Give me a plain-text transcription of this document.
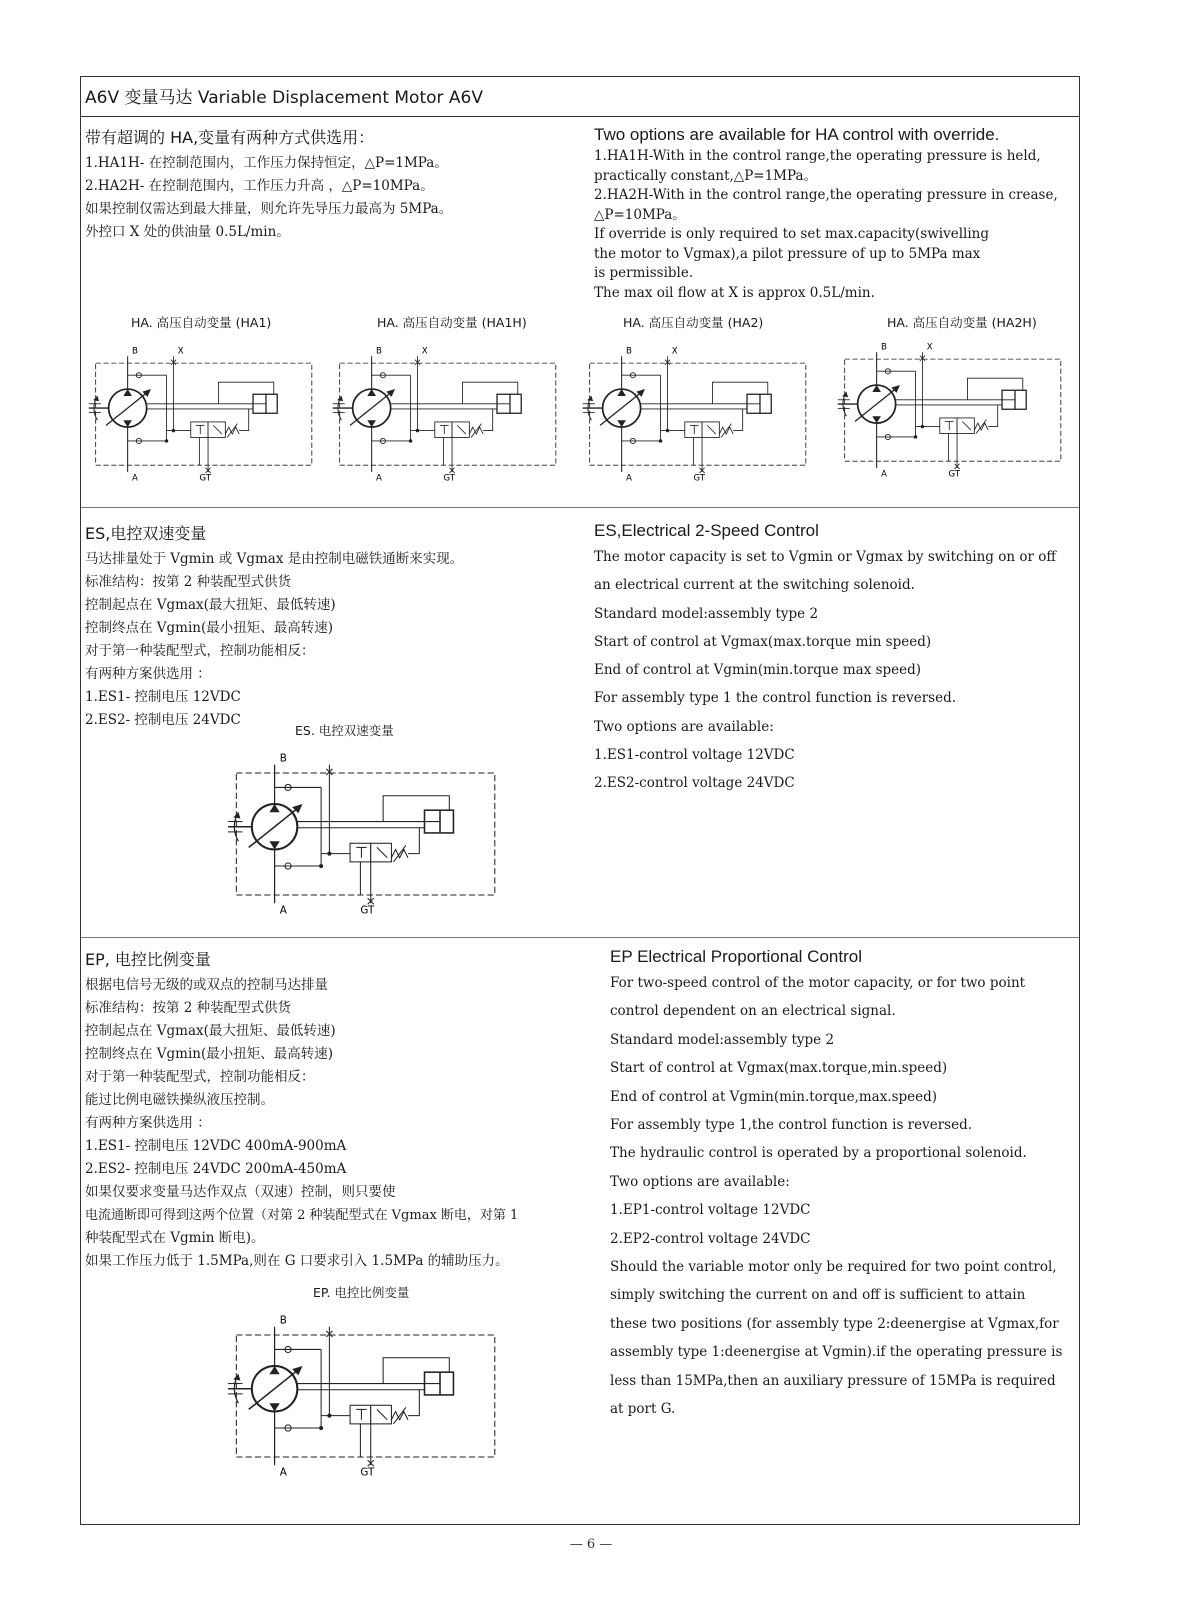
A6V 变量马达 Variable Displacement Motor A6V
带有超调的 HA,变量有两种方式供选用：
1.HA1H- 在控制范围内，工作压力保持恒定，△P=1MPa。
2.HA2H- 在控制范围内，工作压力升高 ，△P=10MPa。
如果控制仅需达到最大排量，则允许先导压力最高为 5MPa。
外控口 X 处的供油量 0.5L/min。
Two options are available for HA control with override.
1.HA1H-With in the control range,the operating pressure is held,
practically constant,△P=1MPa。
2.HA2H-With in the control range,the operating pressure in crease,
△P=10MPa。
If override is only required to set max.capacity(swivelling
the motor to Vgmax),a pilot pressure of up to 5MPa max
is permissible.
The max oil flow at X is approx 0.5L/min.
HA. 高压自动变量 (HA1)	HA. 高压自动变量 (HA1H)	HA. 高压自动变量 (HA2)	HA. 高压自动变量 (HA2H)
B	X
A	GT
B	X
A	GT
B	X
A	GT
B	X
A	GT
ES,电控双速变量
马达排量处于 Vgmin 或 Vgmax 是由控制电磁铁通断来实现。
标准结构：按第 2 种装配型式供货
控制起点在 Vgmax(最大扭矩、最低转速)
控制终点在 Vgmin(最小扭矩、最高转速)
对于第一种装配型式，控制功能相反：
有两种方案供选用 ：
1.ES1- 控制电压 12VDC
2.ES2- 控制电压 24VDC
ES,Electrical 2-Speed Control
The motor capacity is set to Vgmin or Vgmax by switching on or off
an electrical current at the switching solenoid.
Standard model:assembly type 2
Start of control at Vgmax(max.torque min speed)
End of control at Vgmin(min.torque max speed)
For assembly type 1 the control function is reversed.
Two options are available:
1.ES1-control voltage 12VDC
2.ES2-control voltage 24VDC
ES. 电控双速变量
B
A	GT
EP, 电控比例变量
根据电信号无级的或双点的控制马达排量
标准结构：按第 2 种装配型式供货
控制起点在 Vgmax(最大扭矩、最低转速)
控制终点在 Vgmin(最小扭矩、最高转速)
对于第一种装配型式，控制功能相反：
能过比例电磁铁操纵液压控制。
有两种方案供选用 ：
1.ES1- 控制电压 12VDC 400mA-900mA
2.ES2- 控制电压 24VDC 200mA-450mA
如果仅要求变量马达作双点（双速）控制，则只要使
电流通断即可得到这两个位置（对第 2 种装配型式在 Vgmax 断电，对第 1
种装配型式在 Vgmin 断电)。
如果工作压力低于 1.5MPa,则在 G 口要求引入 1.5MPa 的辅助压力。
EP Electrical Proportional Control
For two-speed control of the motor capacity, or for two point
control dependent on an electrical signal.
Standard model:assembly type 2
Start of control at Vgmax(max.torque,min.speed)
End of control at Vgmin(min.torque,max.speed)
For assembly type 1,the control function is reversed.
The hydraulic control is operated by a proportional solenoid.
Two options are available:
1.EP1-control voltage 12VDC
2.EP2-control voltage 24VDC
Should the variable motor only be required for two point control,
simply switching the current on and off is sufficient to attain
these two positions (for assembly type 2:deenergise at Vgmax,for
assembly type 1:deenergise at Vgmin).if the operating pressure is
less than 15MPa,then an auxiliary pressure of 15MPa is required
at port G.
EP. 电控比例变量
B
A	GT
— 6 —
